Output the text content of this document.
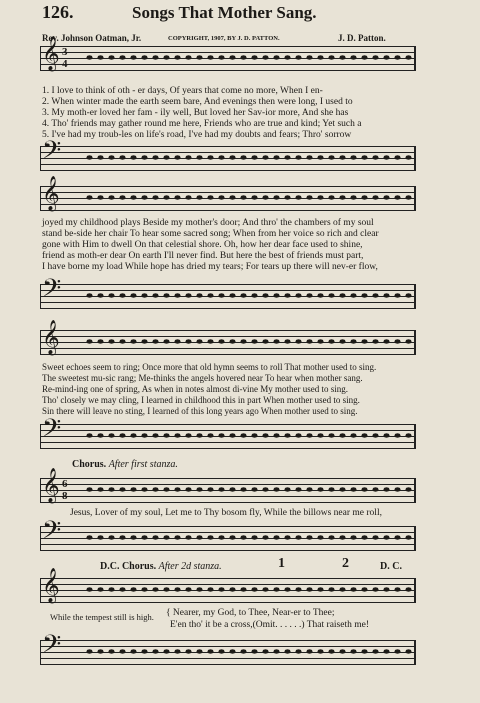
126.	Songs That Mother Sang.
Rev. Johnson Oatman, Jr.	COPYRIGHT, 1907, BY J. D. PATTON.	J. D. Patton.
𝄞 3
4
1. I love to think of oth - er days, Of years that come no more, When I en-
2. When winter made the earth seem bare, And evenings then were long, I used to
3. My moth-er loved her fam - ily well, But loved her Sav-ior more, And she has
4. Tho' friends may gather round me here, Friends who are true and kind; Yet such a
5. I've had my troub-les on life's road, I've had my doubts and fears; Thro' sorrow
𝄢
𝄞
joyed my childhood plays Beside my mother's door; And thro' the chambers of my soul
stand be-side her chair To hear some sacred song; When from her voice so rich and clear
gone with Him to dwell On that celestial shore. Oh, how her dear face used to shine,
friend as moth-er dear On earth I'll never find. But here the best of friends must part,
I have borne my load While hope has dried my tears; For tears up there will nev-er flow,
𝄢
𝄞
Sweet echoes seem to ring; Once more that old hymn seems to roll That mother used to sing.
The sweetest mu-sic rang; Me-thinks the angels hovered near To hear when mother sang.
Re-mind-ing one of spring, As when in notes almost di-vine My mother used to sing.
Tho' closely we may cling, I learned in childhood this in part When mother used to sing.
Sin there will leave no sting, I learned of this long years ago When mother used to sing.
𝄢
Chorus. After first stanza.
𝄞 6
8
Jesus, Lover of my soul, Let me to Thy bosom fly, While the billows near me roll,
𝄢
D.C. Chorus. After 2d stanza.	1	2	D. C.
𝄞
While the tempest still is high. { Nearer, my God, to Thee, Near-er to Thee;
E'en tho' it be a cross,(Omit. . . . . .) That raiseth me!
𝄢
